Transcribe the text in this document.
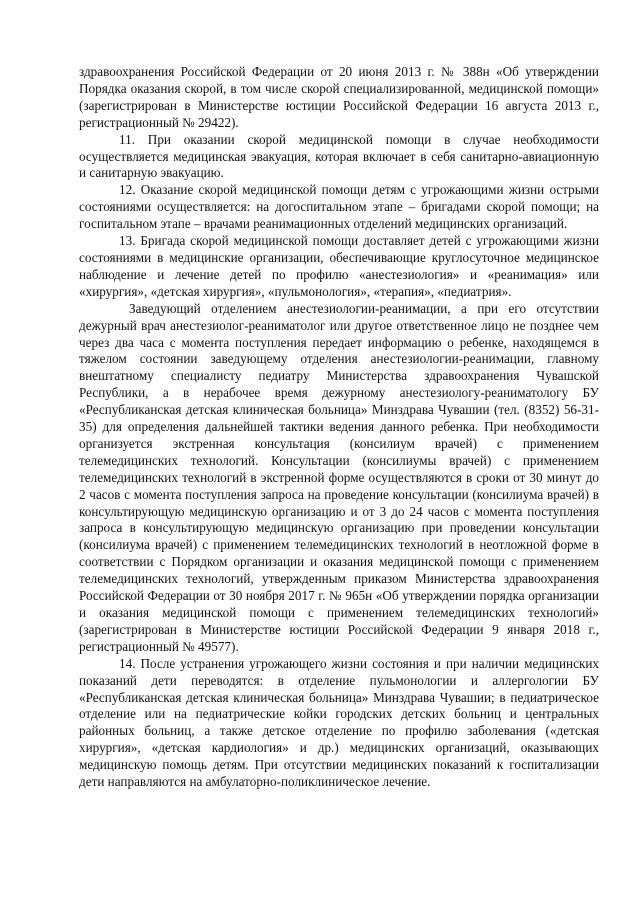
здравоохранения Российской Федерации от 20 июня 2013 г. № 388н «Об утверждении Порядка оказания скорой, в том числе скорой специализированной, медицинской помощи» (зарегистрирован в Министерстве юстиции Российской Федерации 16 августа 2013 г., регистрационный № 29422).

11. При оказании скорой медицинской помощи в случае необходимости осуществляется медицинская эвакуация, которая включает в себя санитарно-авиационную и санитарную эвакуацию.

12. Оказание скорой медицинской помощи детям с угрожающими жизни острыми состояниями осуществляется: на догоспитальном этапе – бригадами скорой помощи; на госпитальном этапе – врачами реанимационных отделений медицинских организаций.

13. Бригада скорой медицинской помощи доставляет детей с угрожающими жизни состояниями в медицинские организации, обеспечивающие круглосуточное медицинское наблюдение и лечение детей по профилю «анестезиология» и «реанимация» или «хирургия», «детская хирургия», «пульмонология», «терапия», «педиатрия».

Заведующий отделением анестезиологии-реанимации, а при его отсутствии дежурный врач анестезиолог-реаниматолог или другое ответственное лицо не позднее чем через два часа с момента поступления передает информацию о ребенке, находящемся в тяжелом состоянии заведующему отделения анестезиологии-реанимации, главному внештатному специалисту педиатру Министерства здравоохранения Чувашской Республики, а в нерабочее время дежурному анестезиологу-реаниматологу БУ «Республиканская детская клиническая больница» Минздрава Чувашии (тел. (8352) 56-31-35) для определения дальнейшей тактики ведения данного ребенка. При необходимости организуется экстренная консультация (консилиум врачей) с применением телемедицинских технологий. Консультации (консилиумы врачей) с применением телемедицинских технологий в экстренной форме осуществляются в сроки от 30 минут до 2 часов с момента поступления запроса на проведение консультации (консилиума врачей) в консультирующую медицинскую организацию и от 3 до 24 часов с момента поступления запроса в консультирующую медицинскую организацию при проведении консультации (консилиума врачей) с применением телемедицинских технологий в неотложной форме в соответствии с Порядком организации и оказания медицинской помощи с применением телемедицинских технологий, утвержденным приказом Министерства здравоохранения Российской Федерации от 30 ноября 2017 г. № 965н «Об утверждении порядка организации и оказания медицинской помощи с применением телемедицинских технологий» (зарегистрирован в Министерстве юстиции Российской Федерации 9 января 2018 г., регистрационный № 49577).

14. После устранения угрожающего жизни состояния и при наличии медицинских показаний дети переводятся: в отделение пульмонологии и аллергологии БУ «Республиканская детская клиническая больница» Минздрава Чувашии; в педиатрическое отделение или на педиатрические койки городских детских больниц и центральных районных больниц, а также детское отделение по профилю заболевания («детская хирургия», «детская кардиология» и др.) медицинских организаций, оказывающих медицинскую помощь детям. При отсутствии медицинских показаний к госпитализации дети направляются на амбулаторно-поликлиническое лечение.
